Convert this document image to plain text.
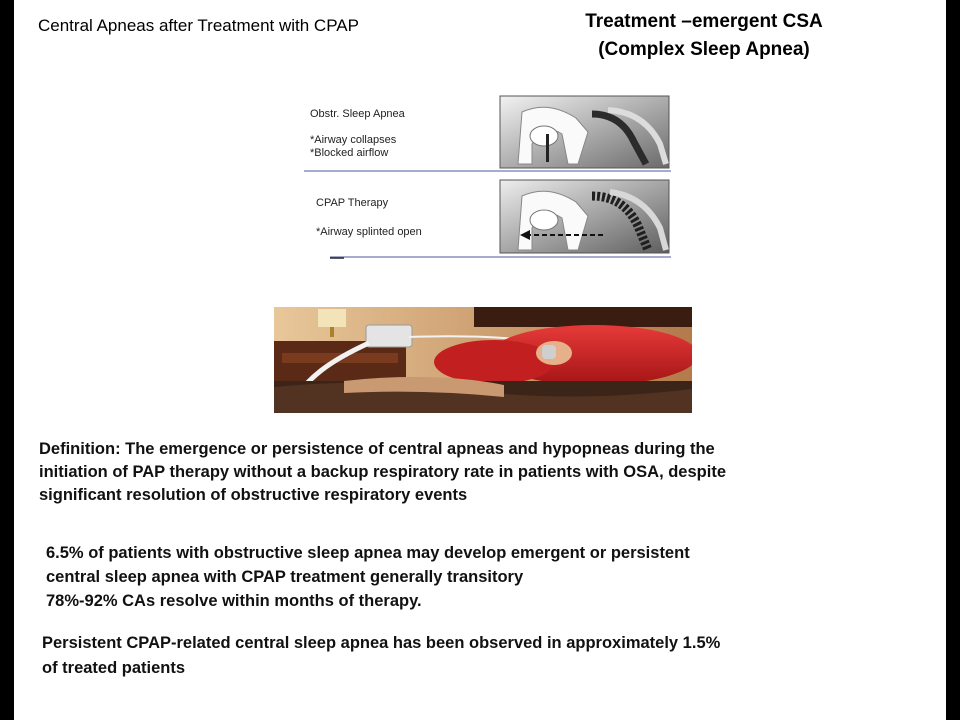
Central Apneas after Treatment with CPAP	Treatment –emergent CSA
(Complex Sleep Apnea)
Obstr. Sleep Apnea
*Airway collapses
*Blocked airflow
CPAP Therapy
*Airway splinted open
Definition: The emergence or persistence of central apneas and hypopneas during the
initiation of PAP therapy without a backup respiratory rate in patients with OSA, despite
significant resolution of obstructive respiratory events
6.5% of patients with obstructive sleep apnea may develop emergent or persistent
central sleep apnea with CPAP treatment generally transitory
78%-92% CAs resolve within months of therapy.
Persistent CPAP-related central sleep apnea has been observed in approximately 1.5%
of treated patients
